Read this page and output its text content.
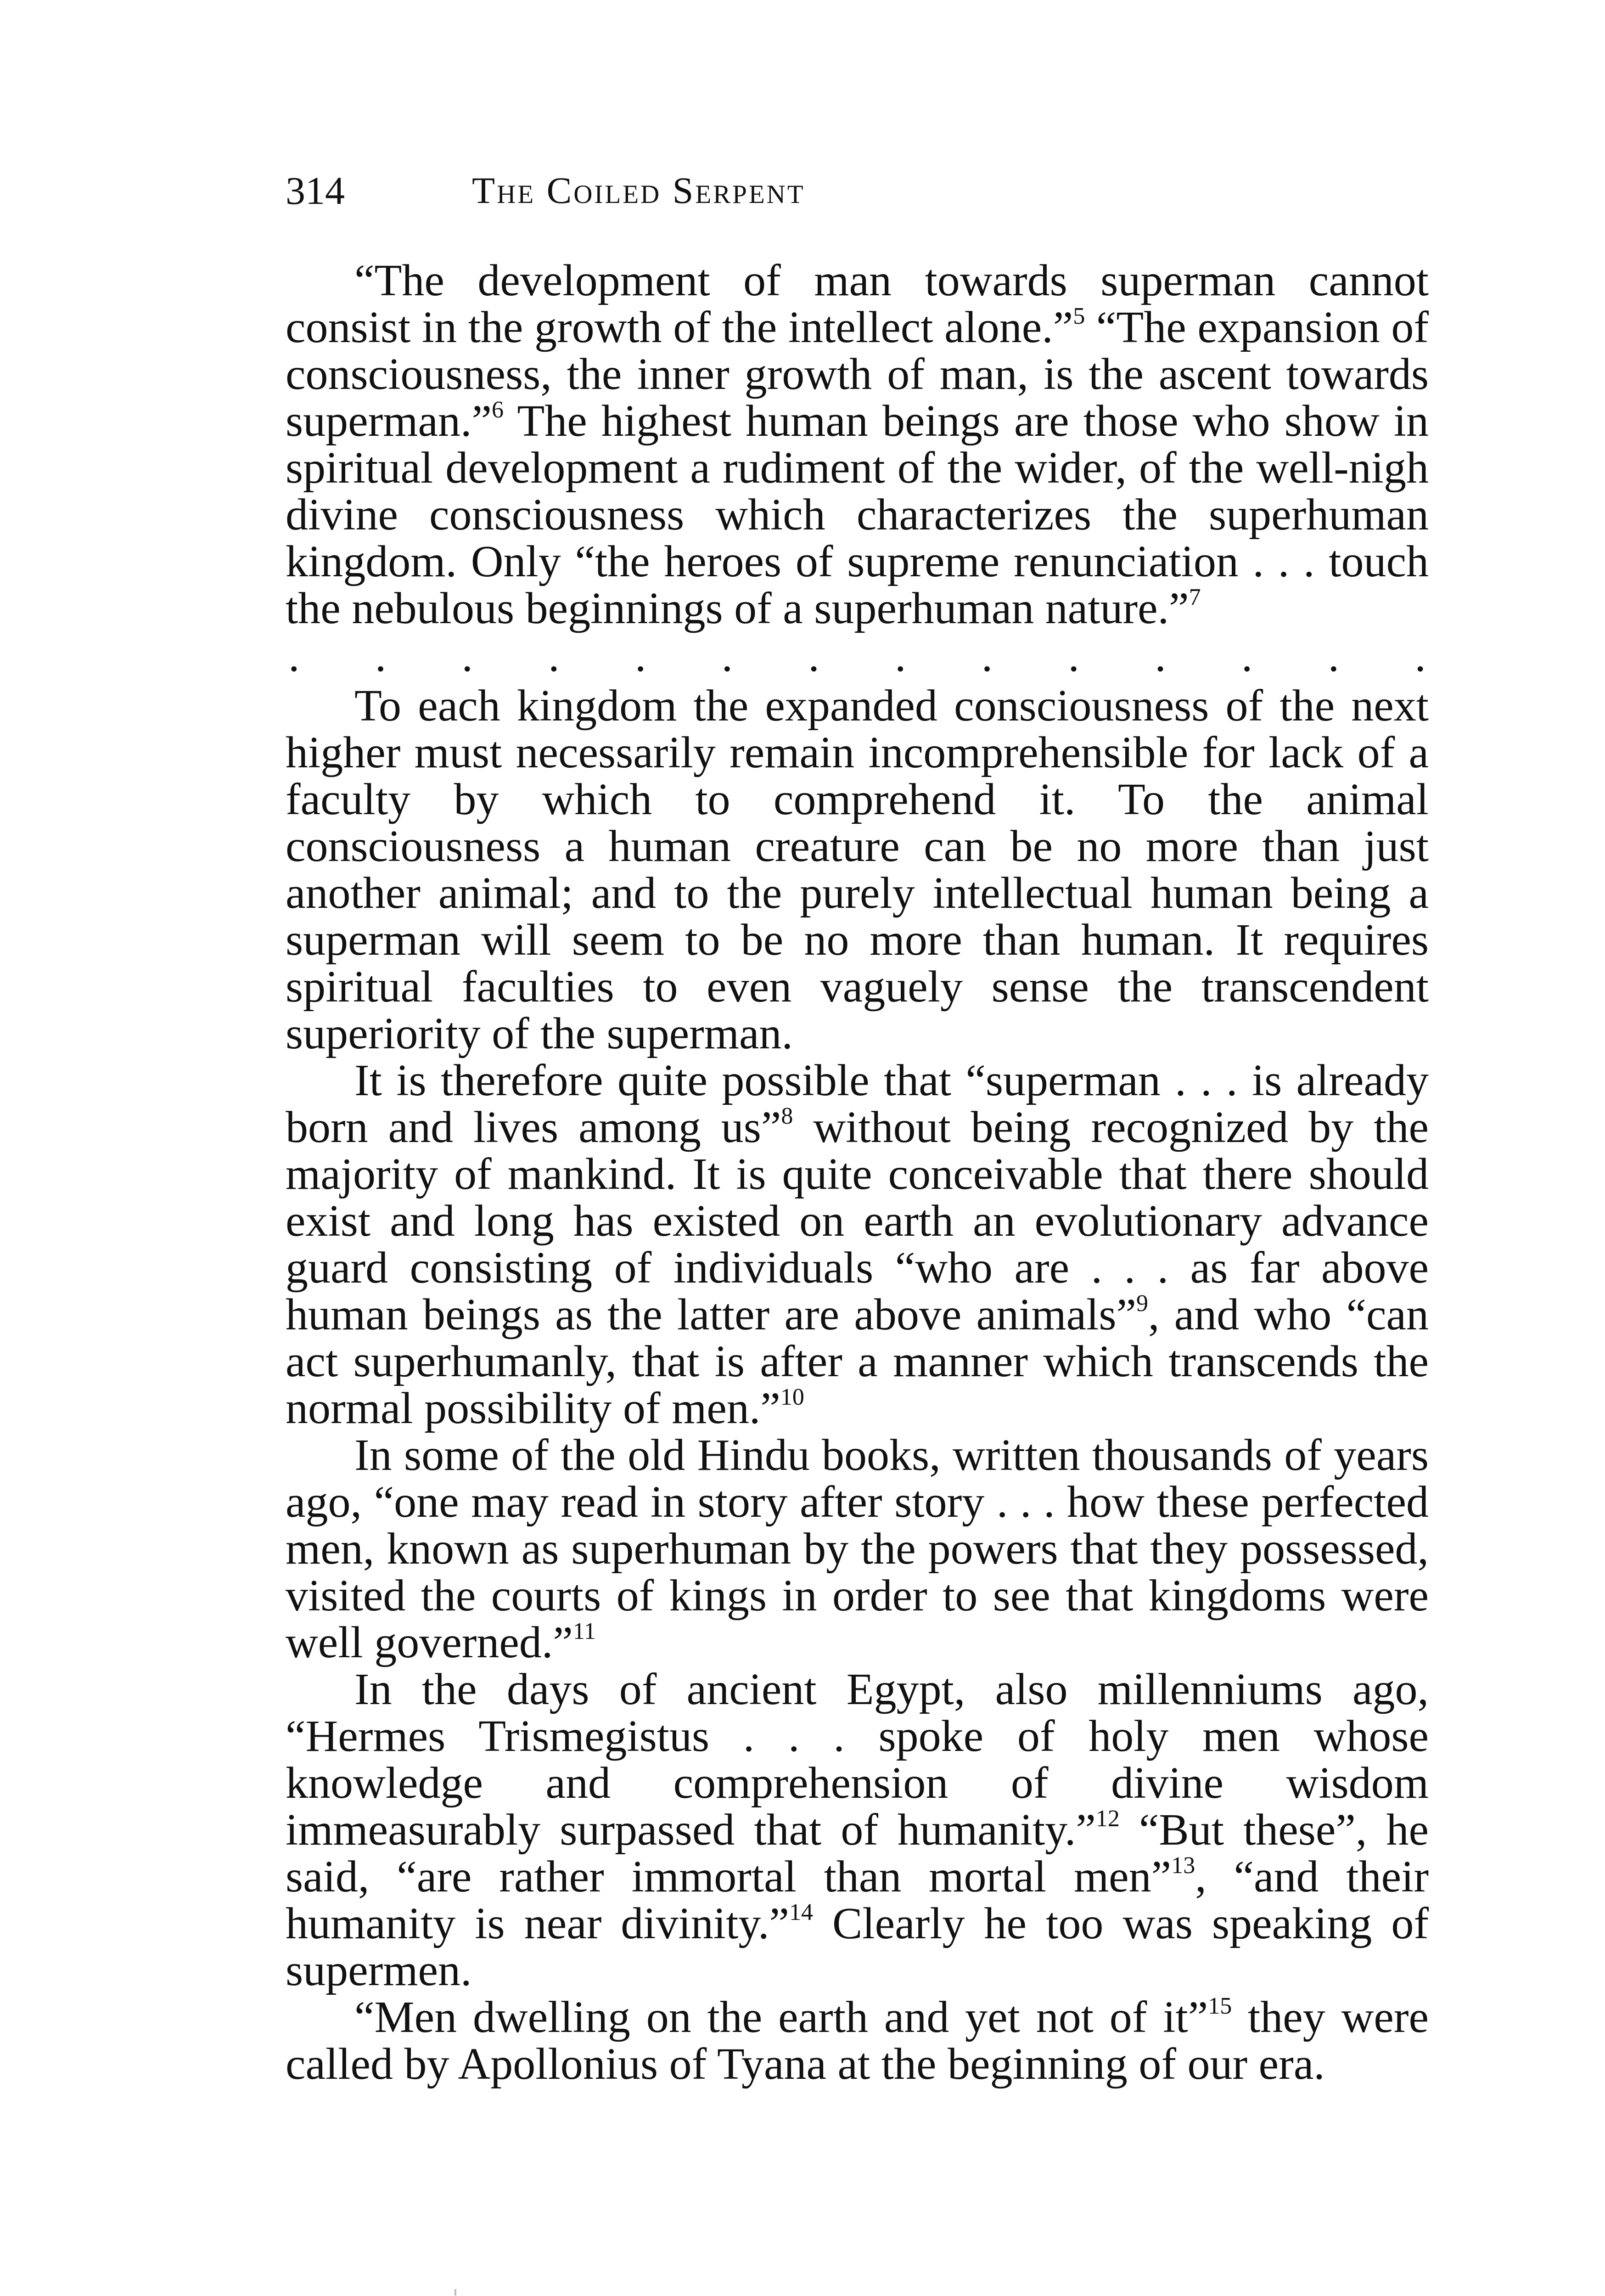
314	The Coiled Serpent

“The development of man towards superman cannot consist in the growth of the intellect alone.”$^5$ “The expansion of consciousness, the inner growth of man, is the ascent towards superman.”$^6$ The highest human beings are those who show in spiritual development a rudiment of the wider, of the well-nigh divine consciousness which characterizes the superhuman kingdom. Only “the heroes of supreme renunciation . . . touch the nebulous beginnings of a superhuman nature.”$^7$

. . . . . . . . . . . . . .

To each kingdom the expanded consciousness of the next higher must necessarily remain incomprehensible for lack of a faculty by which to comprehend it. To the animal consciousness a human creature can be no more than just another animal; and to the purely intellectual human being a superman will seem to be no more than human. It requires spiritual faculties to even vaguely sense the transcendent superiority of the superman.

It is therefore quite possible that “superman . . . is already born and lives among us”$^8$ without being recognized by the majority of mankind. It is quite conceivable that there should exist and long has existed on earth an evolutionary advance guard consisting of individuals “who are . . . as far above human beings as the latter are above animals”$^9$, and who “can act superhumanly, that is after a manner which transcends the normal possibility of men.”$^{10}$

In some of the old Hindu books, written thousands of years ago, “one may read in story after story . . . how these perfected men, known as superhuman by the powers that they possessed, visited the courts of kings in order to see that kingdoms were well governed.”$^{11}$

In the days of ancient Egypt, also millenniums ago, “Hermes Trismegistus . . . spoke of holy men whose knowledge and comprehension of divine wisdom immeasurably surpassed that of humanity.”$^{12}$ “But these”, he said, “are rather immortal than mortal men”$^{13}$, “and their humanity is near divinity.”$^{14}$ Clearly he too was speaking of supermen.

“Men dwelling on the earth and yet not of it”$^{15}$ they were called by Apollonius of Tyana at the beginning of our era.
